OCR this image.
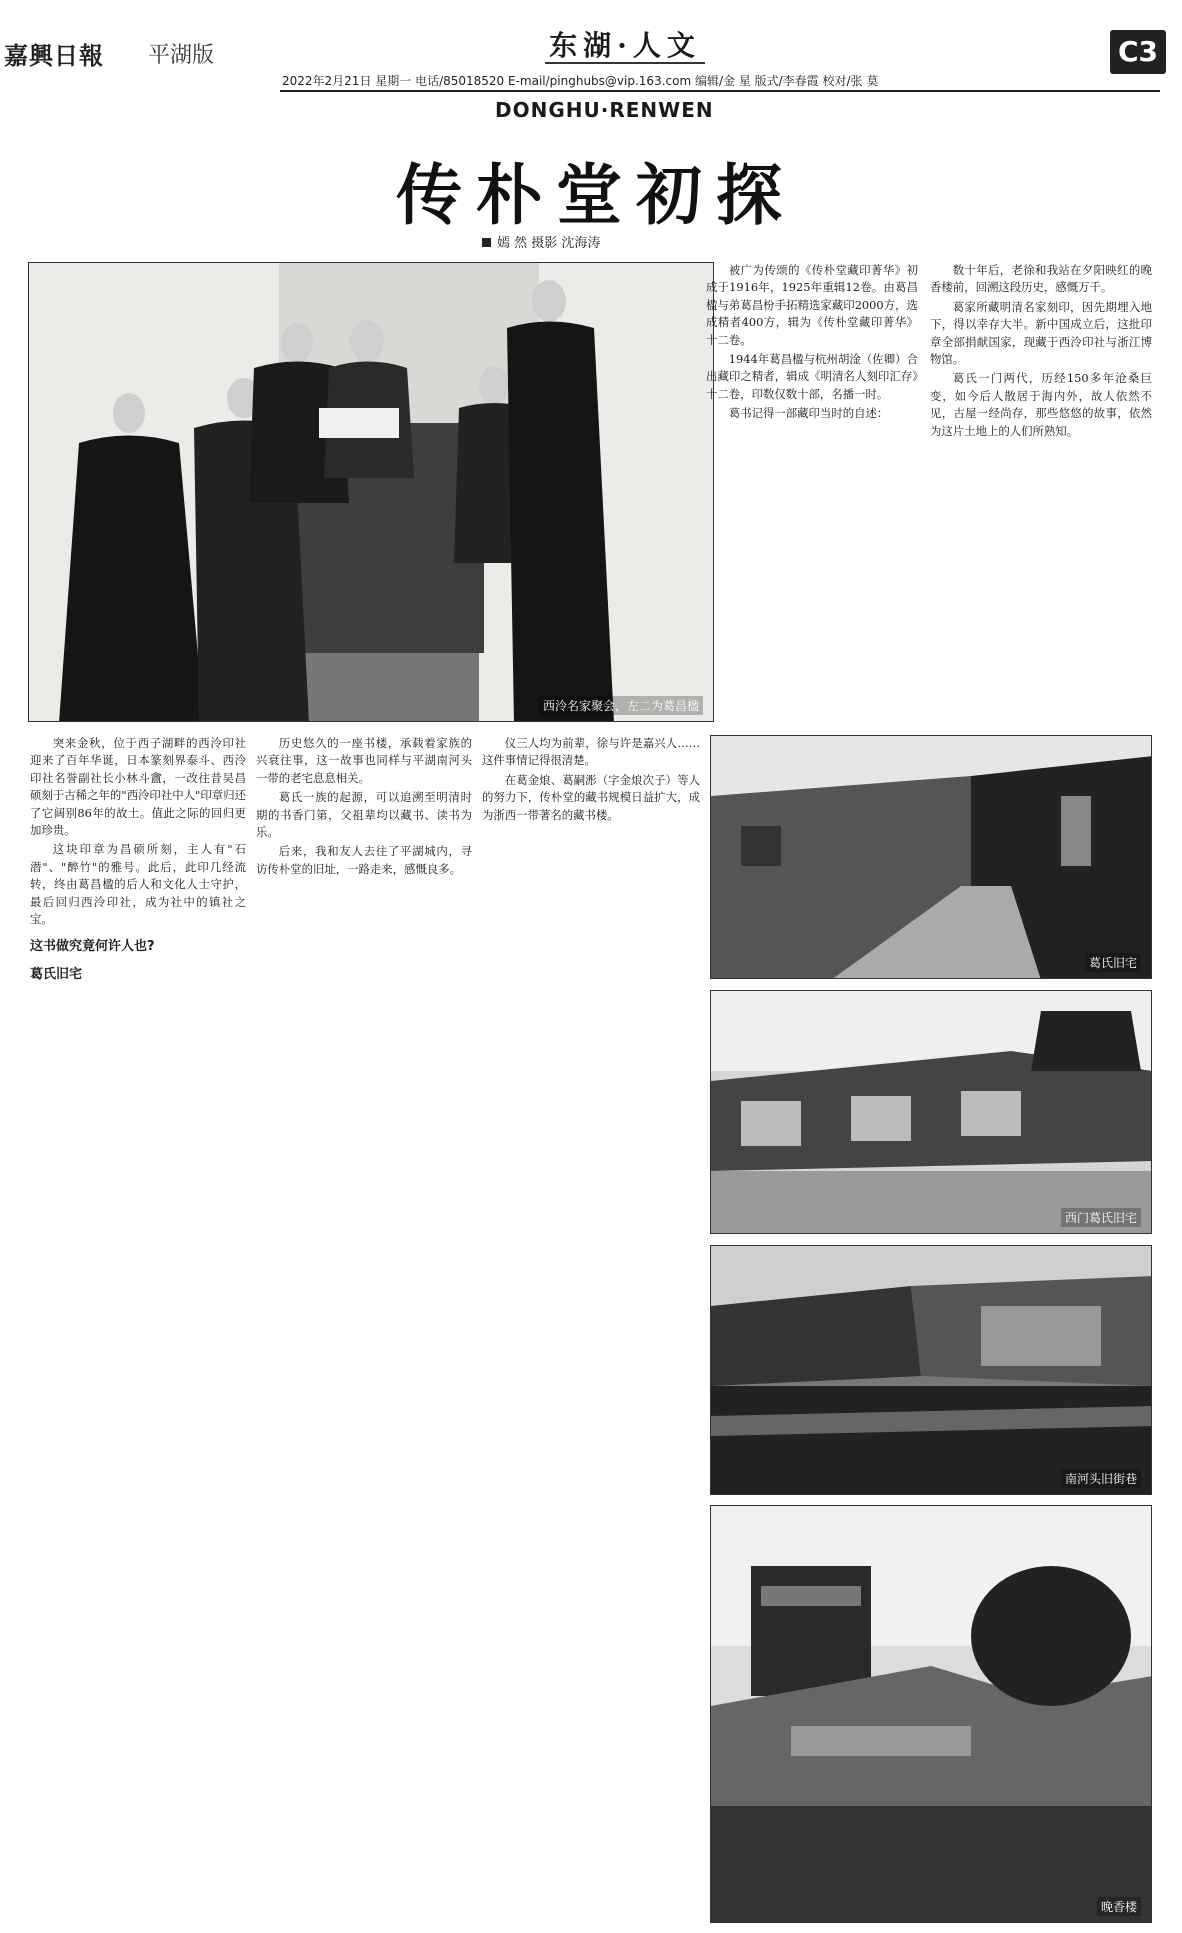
嘉興日報 平湖版	东湖·人文	C3
2022年2月21日 星期一 电话/85018520 E-mail/pinghubs@vip.163.com 编辑/金 星 版式/李春霞 校对/张 莫
DONGHU·RENWEN
传朴堂初探
嫣 然 摄影 沈海涛
西泠名家聚会，左二为葛昌楹

突来金秋，位于西子湖畔的西泠印社迎来了百年华诞，日本篆刻界泰斗、西泠印社名誉副社长小林斗盦，一改往昔吴昌硕刻于古稀之年的"西泠印社中人"印章归还了它阔别86年的故土。值此之际的回归更加珍贵。

这块印章为昌硕所刻，主人有"石潜"、"醉竹"的雅号。此后，此印几经流转，终由葛昌楹的后人和文化人士守护，最后回归西泠印社，成为社中的镇社之宝。

这书做究竟何许人也?
葛氏旧宅

历史悠久的一座书楼，承载着家族的兴衰往事，这一故事也同样与平湖南河头一带的老宅息息相关。

葛氏一族的起源，可以追溯至明清时期的书香门第，父祖辈均以藏书、读书为乐。

后来，我和友人去往了平湖城内，寻访传朴堂的旧址，一路走来，感慨良多。

仪三人均为前辈，徐与许是嘉兴人……这件事情记得很清楚。

在葛金烺、葛嗣浵（字金烺次子）等人的努力下，传朴堂的藏书规模日益扩大，成为浙西一带著名的藏书楼。

被广为传颂的《传朴堂藏印菁华》初成于1916年，1925年重辑12卷。由葛昌楹与弟葛昌枌手拓精选家藏印2000方，选成精者400方，辑为《传朴堂藏印菁华》十二卷。

1944年葛昌楹与杭州胡淦（佐卿）合出藏印之精者，辑成《明清名人刻印汇存》十二卷，印数仅数十部，名播一时。

葛书记得一部藏印当时的自述：

数十年后，老徐和我站在夕阳映红的晚香楼前，回溯这段历史，感慨万千。

葛家所藏明清名家刻印，因先期埋入地下，得以幸存大半。新中国成立后，这批印章全部捐献国家，现藏于西泠印社与浙江博物馆。

葛氏一门两代，历经150多年沧桑巨变，如今后人散居于海内外，故人依然不见，古屋一经尚存，那些悠悠的故事，依然为这片土地上的人们所熟知。

葛氏旧宅
西门葛氏旧宅
南河头旧街巷
晚香楼
